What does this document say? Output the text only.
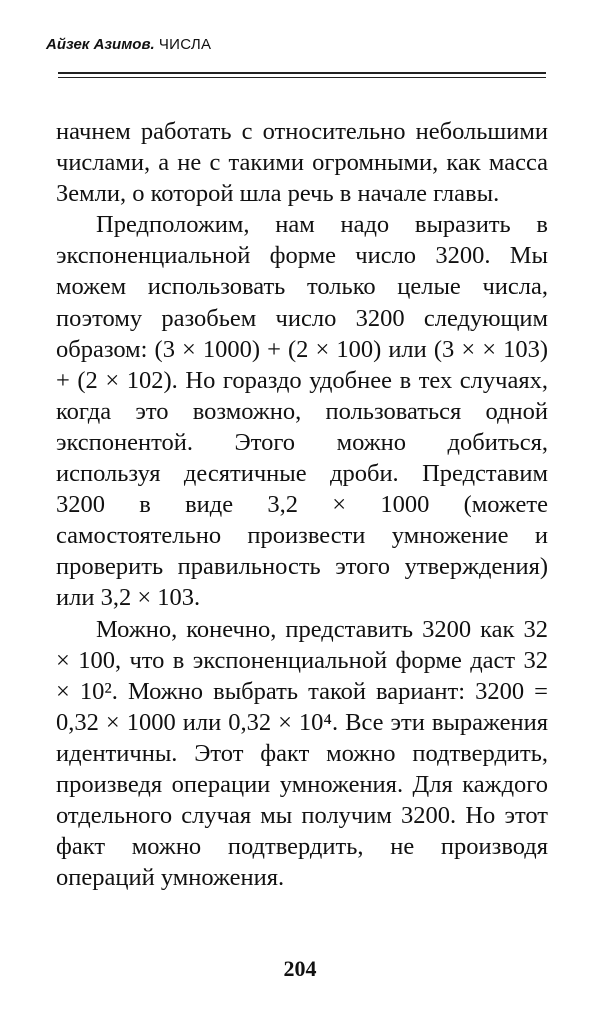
Айзек Азимов. ЧИСЛА

начнем работать с относительно небольшими числами, а не с такими огромными, как масса Земли, о которой шла речь в начале главы.

Предположим, нам надо выразить в экспоненциальной форме число 3200. Мы можем использовать только целые числа, поэтому разобьем число 3200 следующим образом: (3 × 1000) + (2 × 100) или (3 × × 103) + (2 × 102). Но гораздо удобнее в тех случаях, когда это возможно, пользоваться одной экспонентой. Этого можно добиться, используя десятичные дроби. Представим 3200 в виде 3,2 × 1000 (можете самостоятельно произвести умножение и проверить правильность этого утверждения) или 3,2 × 103.

Можно, конечно, представить 3200 как 32 × 100, что в экспоненциальной форме даст 32 × 10². Можно выбрать такой вариант: 3200 = 0,32 × 1000 или 0,32 × 10⁴. Все эти выражения идентичны. Этот факт можно подтвердить, произведя операции умножения. Для каждого отдельного случая мы получим 3200. Но этот факт можно подтвердить, не производя операций умножения.

204
